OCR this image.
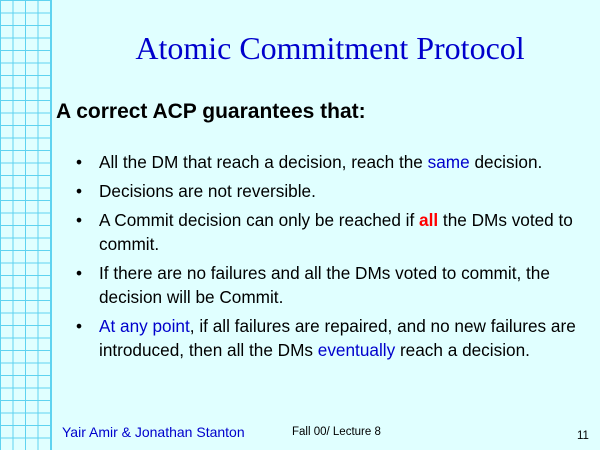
Atomic Commitment Protocol
A correct ACP guarantees that:
• All the DM that reach a decision, reach the same decision.
• Decisions are not reversible.
• A Commit decision can only be reached if all the DMs voted to commit.
• If there are no failures and all the DMs voted to commit, the decision will be Commit.
• At any point, if all failures are repaired, and no new failures are introduced, then all the DMs eventually reach a decision.
Yair Amir & Jonathan Stanton	Fall 00/ Lecture 8	11
